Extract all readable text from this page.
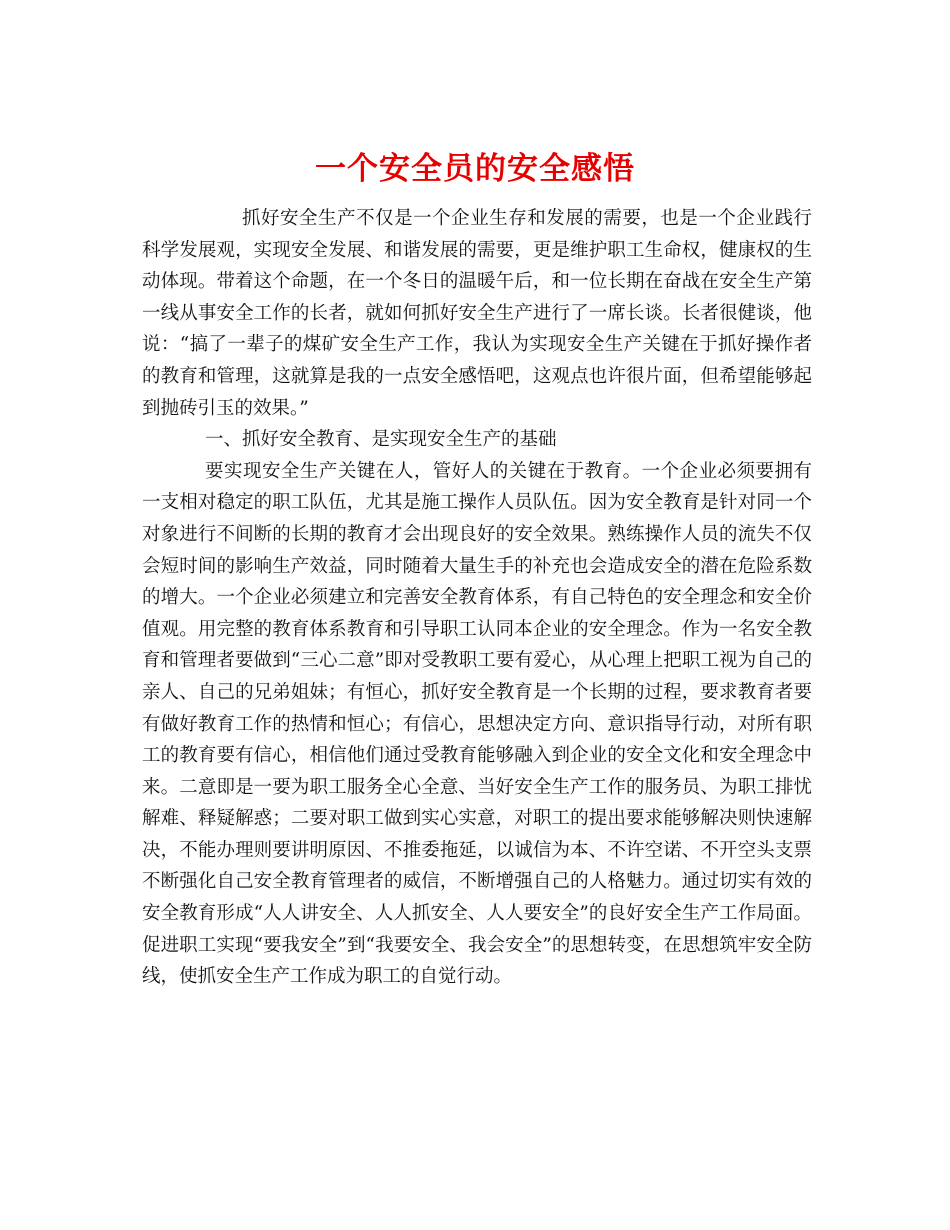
一个安全员的安全感悟

抓好安全生产不仅是一个企业生存和发展的需要，也是一个企业践行科学发展观，实现安全发展、和谐发展的需要，更是维护职工生命权，健康权的生动体现。带着这个命题，在一个冬日的温暖午后，和一位长期在奋战在安全生产第一线从事安全工作的长者，就如何抓好安全生产进行了一席长谈。长者很健谈，他说：“搞了一辈子的煤矿安全生产工作，我认为实现安全生产关键在于抓好操作者的教育和管理，这就算是我的一点安全感悟吧，这观点也许很片面，但希望能够起到抛砖引玉的效果。”

一、抓好安全教育、是实现安全生产的基础

要实现安全生产关键在人，管好人的关键在于教育。一个企业必须要拥有一支相对稳定的职工队伍，尤其是施工操作人员队伍。因为安全教育是针对同一个对象进行不间断的长期的教育才会出现良好的安全效果。熟练操作人员的流失不仅会短时间的影响生产效益，同时随着大量生手的补充也会造成安全的潜在危险系数的增大。一个企业必须建立和完善安全教育体系，有自己特色的安全理念和安全价值观。用完整的教育体系教育和引导职工认同本企业的安全理念。作为一名安全教育和管理者要做到“三心二意”即对受教职工要有爱心，从心理上把职工视为自己的亲人、自己的兄弟姐妹；有恒心，抓好安全教育是一个长期的过程，要求教育者要有做好教育工作的热情和恒心；有信心，思想决定方向、意识指导行动，对所有职工的教育要有信心，相信他们通过受教育能够融入到企业的安全文化和安全理念中来。二意即是一要为职工服务全心全意、当好安全生产工作的服务员、为职工排忧解难、释疑解惑；二要对职工做到实心实意，对职工的提出要求能够解决则快速解决，不能办理则要讲明原因、不推委拖延，以诚信为本、不许空诺、不开空头支票不断强化自己安全教育管理者的威信，不断增强自己的人格魅力。通过切实有效的安全教育形成“人人讲安全、人人抓安全、人人要安全”的良好安全生产工作局面。促进职工实现“要我安全”到“我要安全、我会安全”的思想转变，在思想筑牢安全防线，使抓安全生产工作成为职工的自觉行动。
